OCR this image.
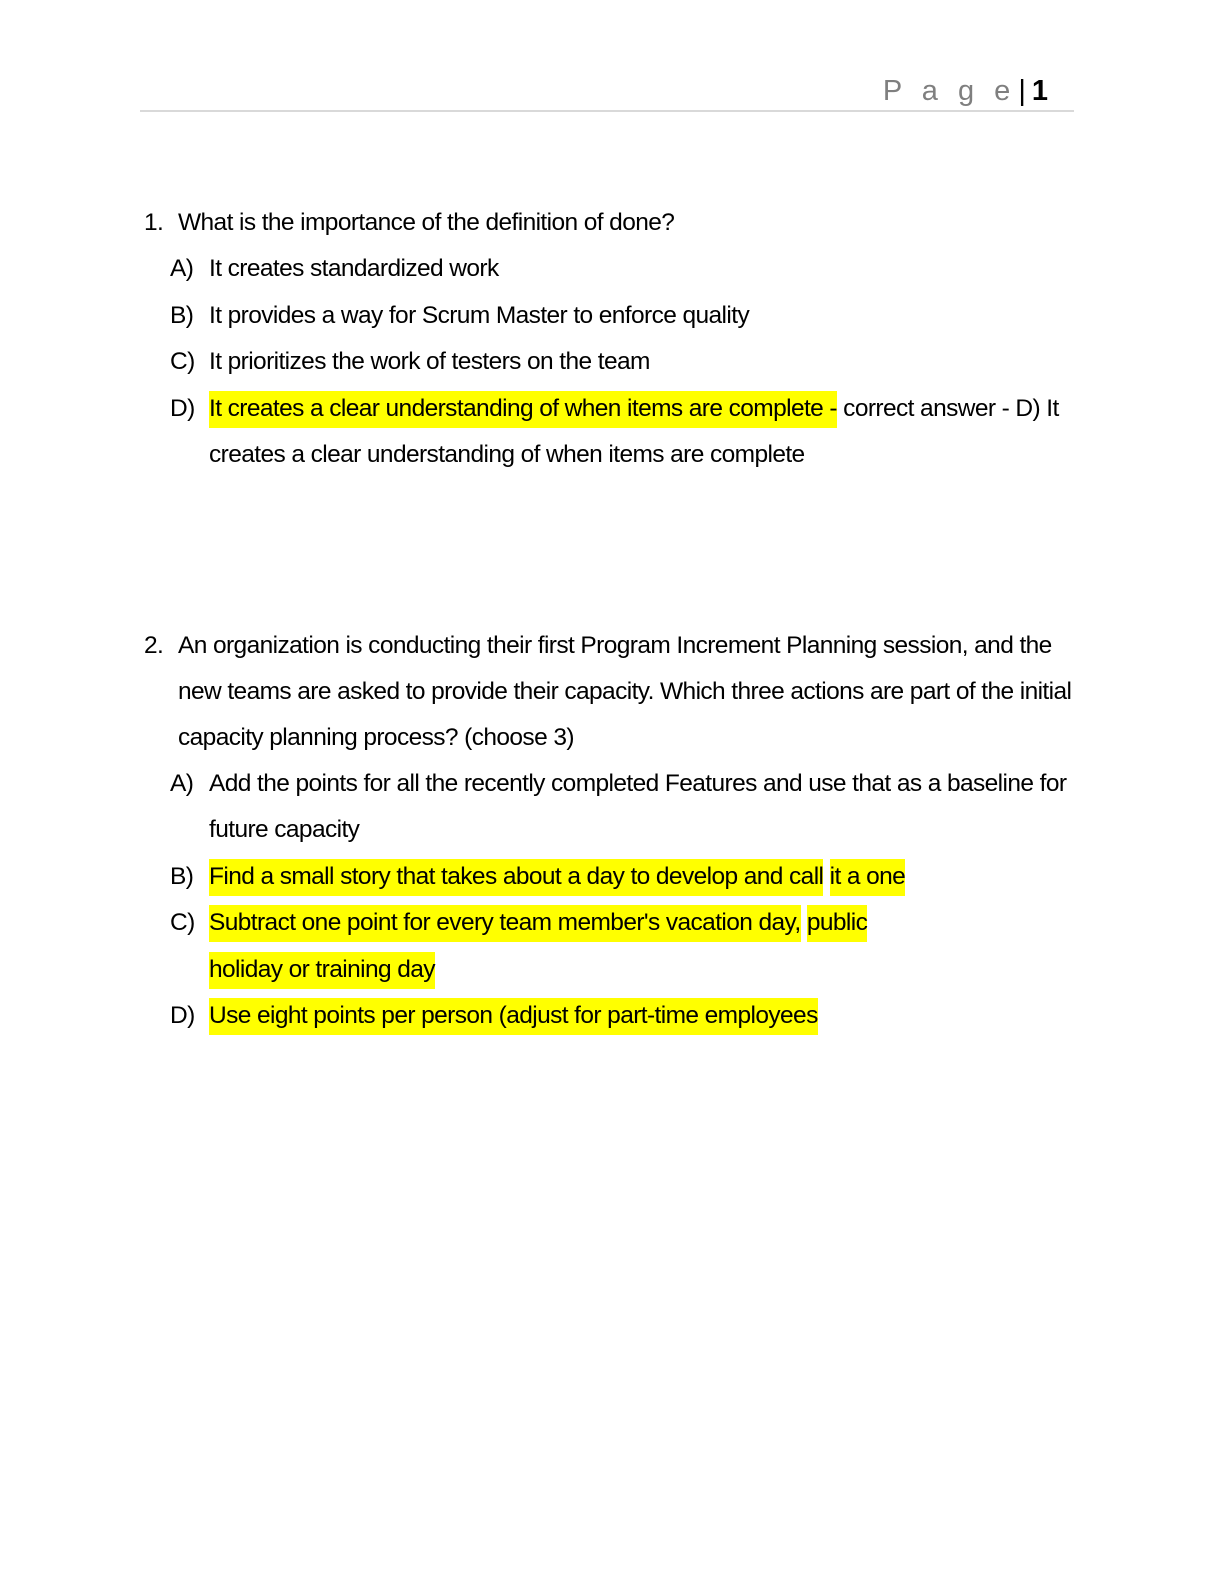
P a g e| 1
1. What is the importance of the definition of done?
A) It creates standardized work
B) It provides a way for Scrum Master to enforce quality
C) It prioritizes the work of testers on the team
D) It creates a clear understanding of when items are complete - correct answer - D) It creates a clear understanding of when items are complete
2. An organization is conducting their first Program Increment Planning session, and the new teams are asked to provide their capacity. Which three actions are part of the initial capacity planning process? (choose 3)
A) Add the points for all the recently completed Features and use that as a baseline for future capacity
B) Find a small story that takes about a day to develop and call it a one
C) Subtract one point for every team member's vacation day, public
holiday or training day
D) Use eight points per person (adjust for part-time employees
